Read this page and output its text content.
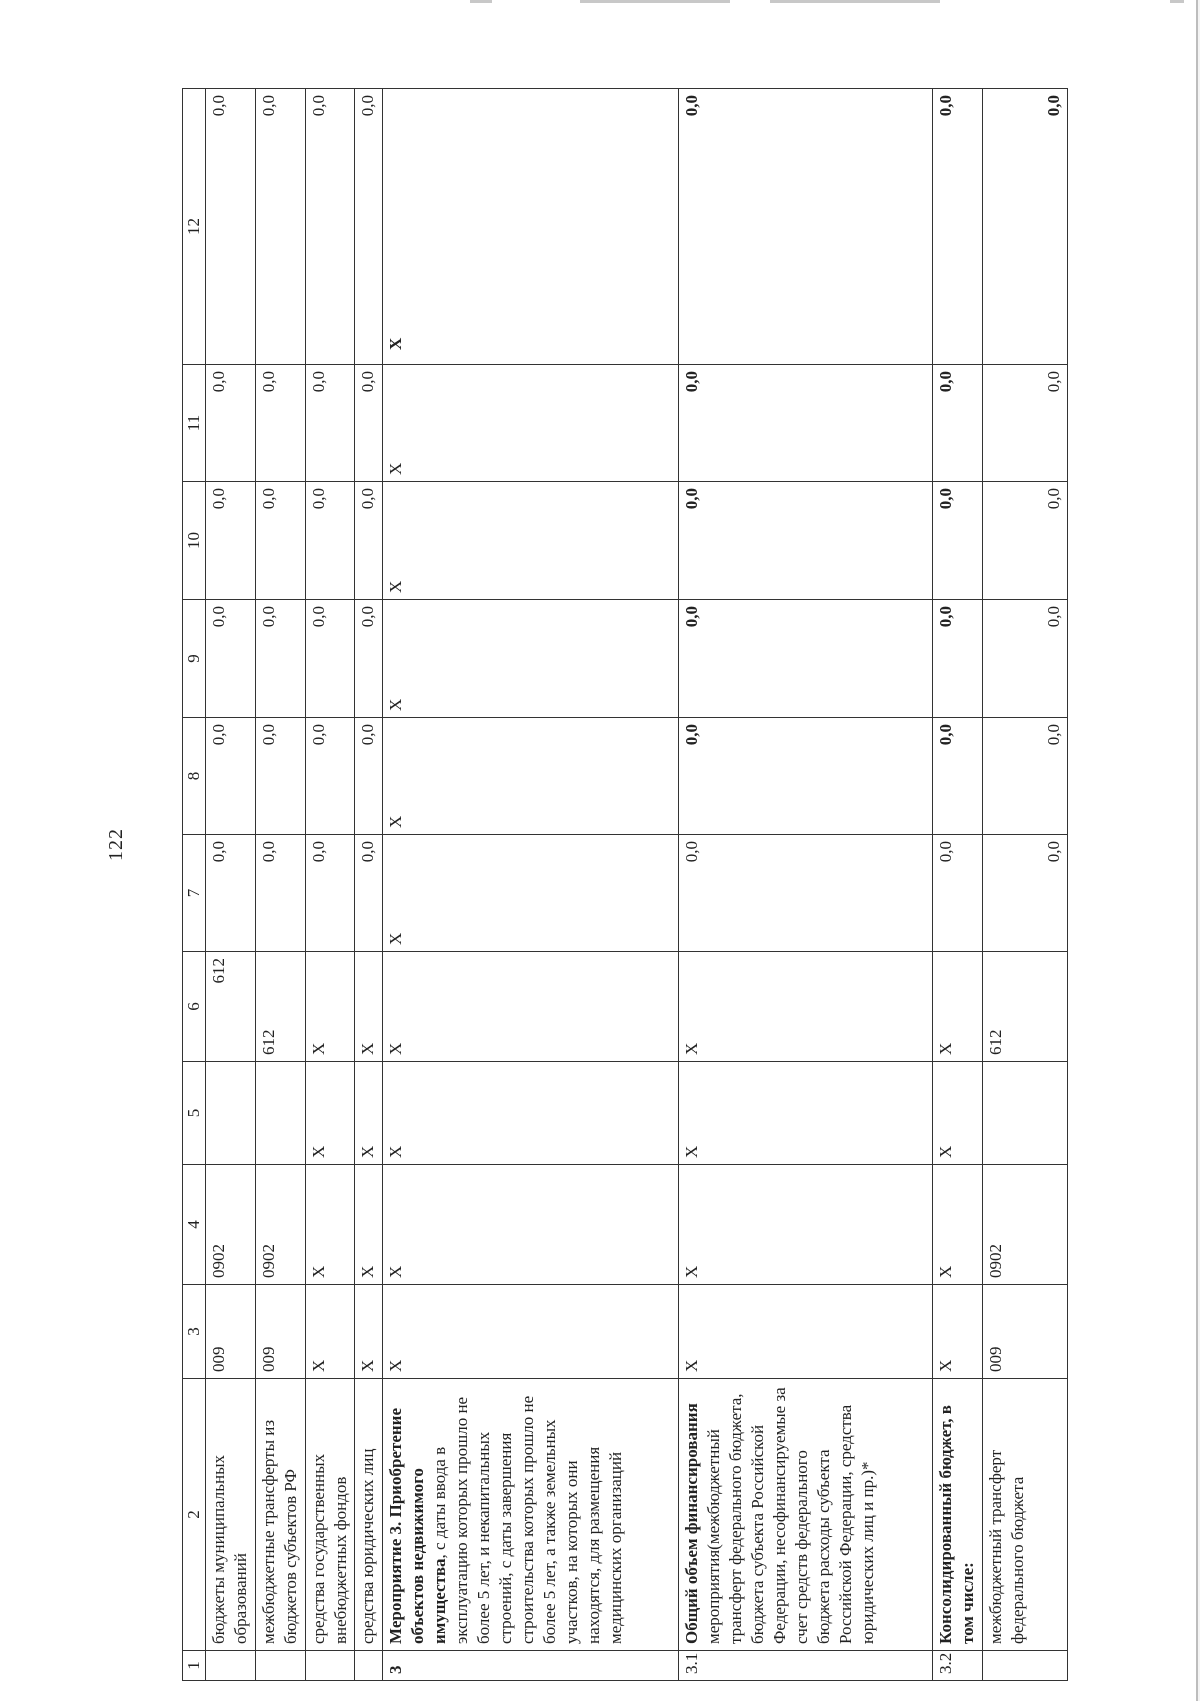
122
1	2	3	4	5	6	7	8	9	10	11	12
	бюджеты муниципальных образований	009	0902		612	0,0	0,0	0,0	0,0	0,0	0,0
	межбюджетные трансферты из бюджетов субъектов РФ	009	0902		612	0,0	0,0	0,0	0,0	0,0	0,0
	средства государственных внебюджетных фондов	Х	Х	Х	Х	0,0	0,0	0,0	0,0	0,0	0,0
	средства юридических лиц	Х	Х	Х	Х	0,0	0,0	0,0	0,0	0,0	0,0
3	Мероприятие 3. Приобретение объектов недвижимого имущества, с даты ввода в эксплуатацию которых прошло не более 5 лет, и некапитальных строений, с даты завершения строительства которых прошло не более 5 лет, а также земельных участков, на которых они находятся, для размещения медицинских организаций	Х	Х	Х	Х	Х	Х	Х	Х	Х	Х
3.1	Общий объем финансирования мероприятия(межбюджетный трансферт федерального бюджета, бюджета субъекта Российской Федерации, несофинансируемые за счет средств федерального бюджета расходы субъекта Российской Федерации, средства юридических лиц и пр.)*	Х	Х	Х	Х	0,0	0,0	0,0	0,0	0,0	0,0
3.2	Консолидированный бюджет, в том числе:	Х	Х	Х	Х	0,0	0,0	0,0	0,0	0,0	0,0
	межбюджетный трансферт федерального бюджета	009	0902		612	0,0	0,0	0,0	0,0	0,0	0,0
